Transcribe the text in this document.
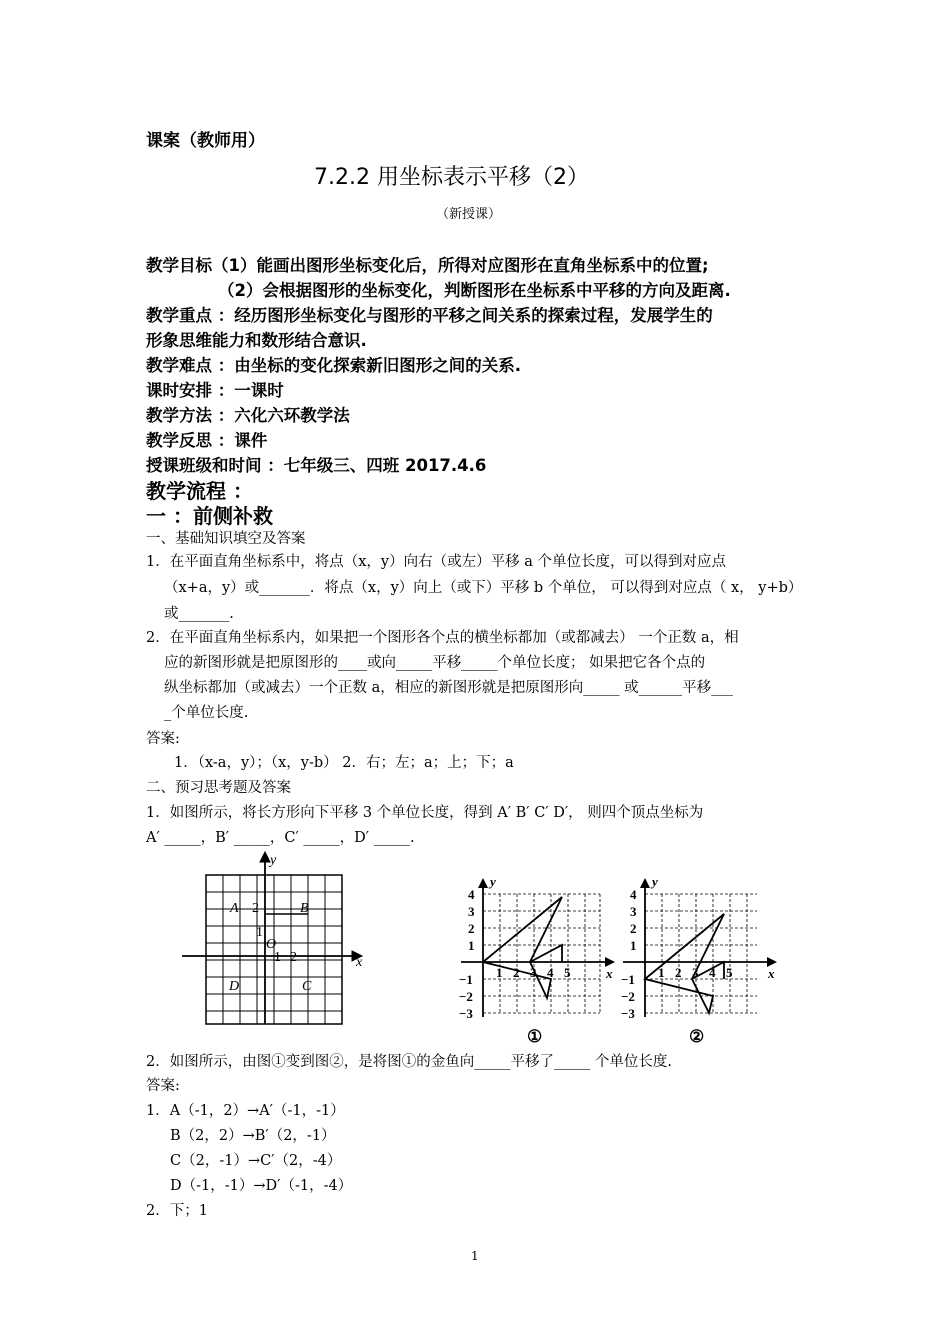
课案（教师用）
7.2.2 用坐标表示平移（2）
（新授课）
教学目标（1）能画出图形坐标变化后，所得对应图形在直角坐标系中的位置;
（2）会根据图形的坐标变化，判断图形在坐标系中平移的方向及距离.
教学重点 ：经历图形坐标变化与图形的平移之间关系的探索过程，发展学生的
形象思维能力和数形结合意识.
教学难点 ：由坐标的变化探索新旧图形之间的关系.
课时安排 ：一课时
教学方法 ：六化六环教学法
教学反思 ：课件
授课班级和时间 ：七年级三、四班 2017.4.6
教学流程 ：
一 ：前侧补救
一、基础知识填空及答案
1．在平面直角坐标系中，将点（x，y）向右（或左）平移 a 个单位长度，可以得到对应点
（x+a，y）或_______．将点（x，y）向上（或下）平移 b 个单位， 可以得到对应点（ x， y+b）
或_______.
2．在平面直角坐标系内，如果把一个图形各个点的横坐标都加（或都减去） 一个正数 a，相
应的新图形就是把原图形的____或向_____平移_____个单位长度； 如果把它各个点的
纵坐标都加（或减去）一个正数 a，相应的新图形就是把原图形向_____ 或______平移___
_个单位长度.
答案:
1．（x-a，y）；（x，y-b） 2．右；左；a；上；下；a
二、预习思考题及答案
1．如图所示，将长方形向下平移 3 个单位长度，得到 A′ B′ C′ D′， 则四个顶点坐标为
A′ _____，B′ _____，C′ _____，D′ _____.
A 2	B
1
O
1 2
D	C
x
y
4
3
2
1
−1
−2
−3
1 2 3 4 5	x
y
①
4
3
2
1
−1
−2
−3
1 2 3 4 5	x
y
②
2．如图所示，由图①变到图②，是将图①的金鱼向_____平移了_____ 个单位长度.
答案:
1．A（-1，2）→A′（-1，-1）
B（2，2）→B′（2，-1）
C（2，-1）→C′（2，-4）
D（-1，-1）→D′（-1，-4）
2．下；1
1
